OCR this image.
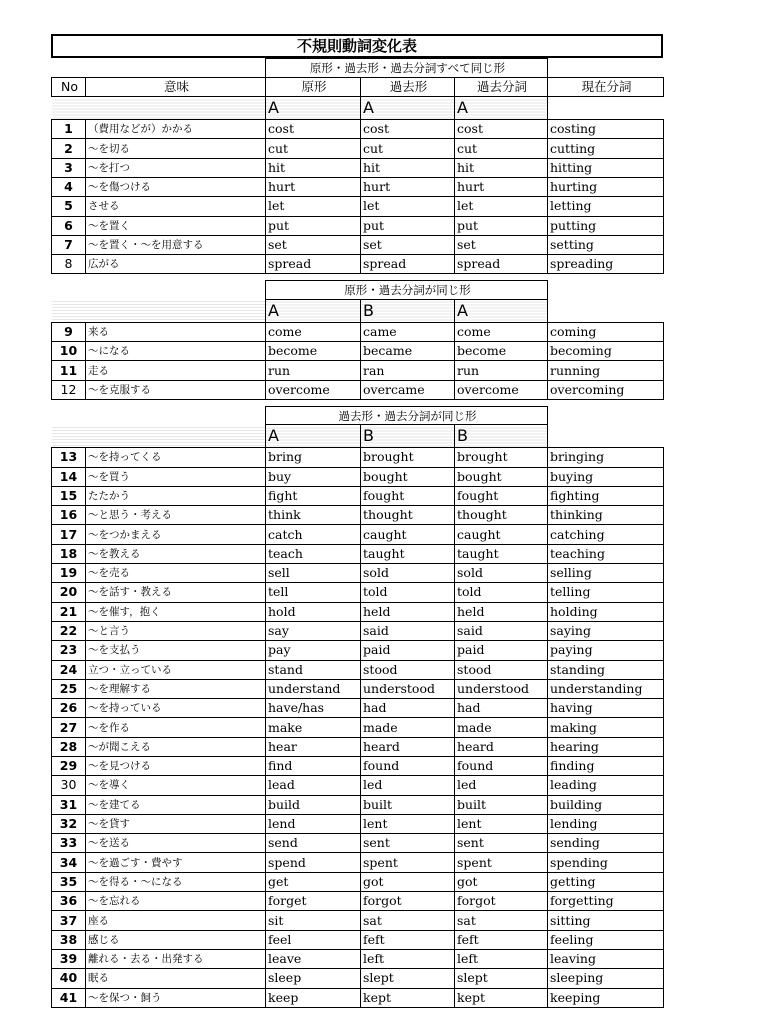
不規則動詞変化表
		原形・過去形・過去分詞すべて同じ形			
No	意味	原形	過去形	過去分詞	現在分詞
		A	A	A	
1	（費用などが）かかる	cost	cost	cost	costing
2	～を切る	cut	cut	cut	cutting
3	～を打つ	hit	hit	hit	hitting
4	～を傷つける	hurt	hurt	hurt	hurting
5	させる	let	let	let	letting
6	～を置く	put	put	put	putting
7	～を置く・～を用意する	set	set	set	setting
8	広がる	spread	spread	spread	spreading

		原形・過去分詞が同じ形			
		A	B	A	
9	来る	come	came	come	coming
10	～になる	become	became	become	becoming
11	走る	run	ran	run	running
12	～を克服する	overcome	overcame	overcome	overcoming

		過去形・過去分詞が同じ形			
		A	B	B	
13	～を持ってくる	bring	brought	brought	bringing
14	～を買う	buy	bought	bought	buying
15	たたかう	fight	fought	fought	fighting
16	～と思う・考える	think	thought	thought	thinking
17	～をつかまえる	catch	caught	caught	catching
18	～を教える	teach	taught	taught	teaching
19	～を売る	sell	sold	sold	selling
20	～を話す・教える	tell	told	told	telling
21	～を催す，抱く	hold	held	held	holding
22	～と言う	say	said	said	saying
23	～を支払う	pay	paid	paid	paying
24	立つ・立っている	stand	stood	stood	standing
25	～を理解する	understand	understood	understood	understanding
26	～を持っている	have/has	had	had	having
27	～を作る	make	made	made	making
28	～が聞こえる	hear	heard	heard	hearing
29	～を見つける	find	found	found	finding
30	～を導く	lead	led	led	leading
31	～を建てる	build	built	built	building
32	～を貸す	lend	lent	lent	lending
33	～を送る	send	sent	sent	sending
34	～を過ごす・費やす	spend	spent	spent	spending
35	～を得る・～になる	get	got	got	getting
36	～を忘れる	forget	forgot	forgot	forgetting
37	座る	sit	sat	sat	sitting
38	感じる	feel	feft	feft	feeling
39	離れる・去る・出発する	leave	left	left	leaving
40	眠る	sleep	slept	slept	sleeping
41	～を保つ・飼う	keep	kept	kept	keeping
